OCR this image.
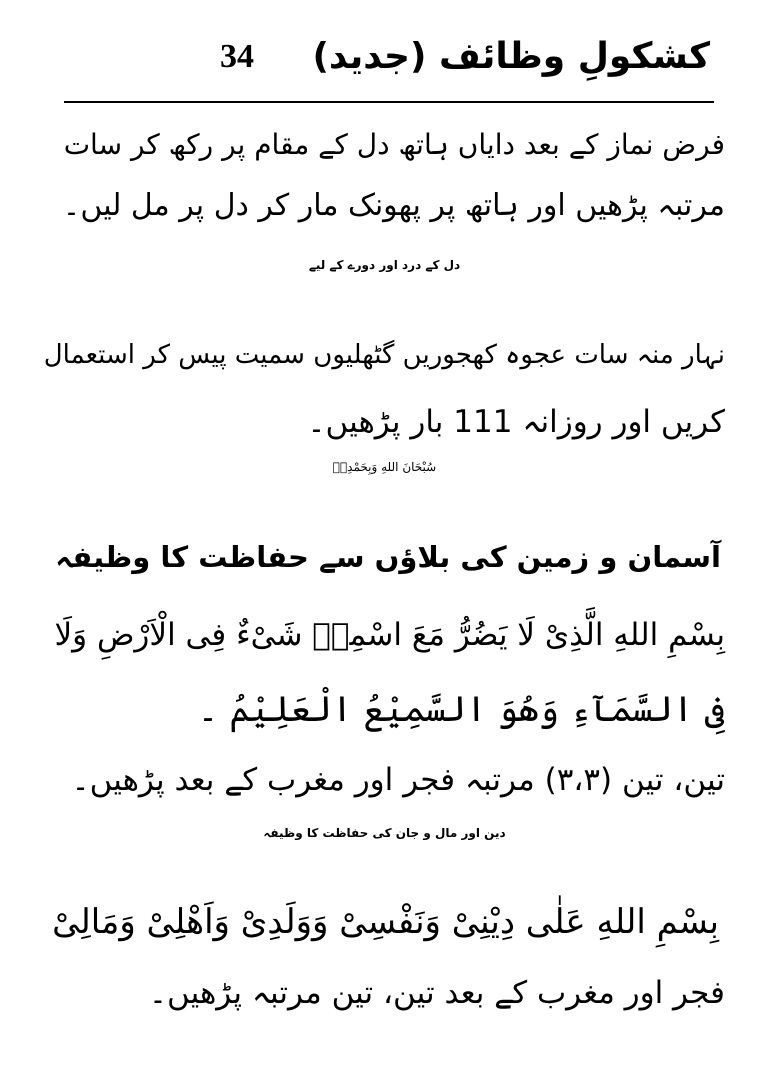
34 کشکولِ وظائف (جدید)
فرض نماز کے بعد دایاں ہاتھ دل کے مقام پر رکھ کر سات
مرتبہ پڑھیں اور ہاتھ پر پھونک مار کر دل پر مل لیں۔
دل کے درد اور دورے کے لیے
نہار منہ سات عجوہ کھجوریں گٹھلیوں سمیت پیس کر استعمال
کریں اور روزانہ 111 بار پڑھیں۔
سُبْحَانَ اللهِ وَبِحَمْدِهٖ
آسمان و زمین کی بلاؤں سے حفاظت کا وظیفہ
بِسْمِ اللهِ الَّذِیْ لَا یَضُرُّ مَعَ اسْمِهٖ شَیْءٌ فِی الْاَرْضِ وَلَا
فِی السَّمَآءِ وَهُوَ السَّمِیْعُ الْعَلِیْمُ ۔
تین، تین (۳،۳) مرتبہ فجر اور مغرب کے بعد پڑھیں۔
دین اور مال و جان کی حفاظت کا وظیفہ
بِسْمِ اللهِ عَلٰی دِیْنِیْ وَنَفْسِیْ وَوَلَدِیْ وَاَهْلِیْ وَمَالِیْ
فجر اور مغرب کے بعد تین، تین مرتبہ پڑھیں۔
